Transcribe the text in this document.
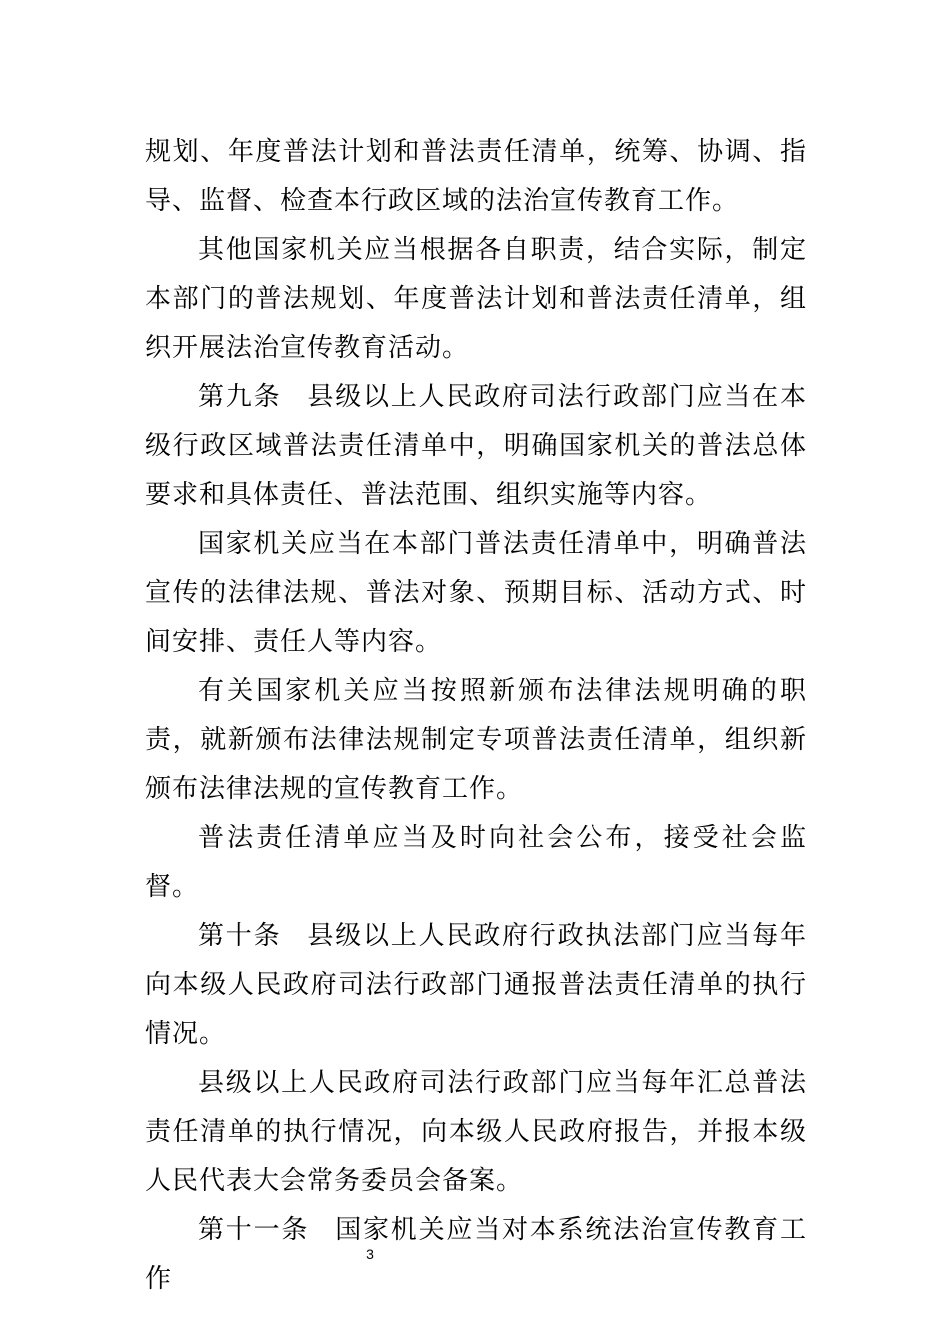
规划、年度普法计划和普法责任清单，统筹、协调、指导、监督、检查本行政区域的法治宣传教育工作。

其他国家机关应当根据各自职责，结合实际，制定本部门的普法规划、年度普法计划和普法责任清单，组织开展法治宣传教育活动。

第九条 县级以上人民政府司法行政部门应当在本级行政区域普法责任清单中，明确国家机关的普法总体要求和具体责任、普法范围、组织实施等内容。

国家机关应当在本部门普法责任清单中，明确普法宣传的法律法规、普法对象、预期目标、活动方式、时间安排、责任人等内容。

有关国家机关应当按照新颁布法律法规明确的职责，就新颁布法律法规制定专项普法责任清单，组织新颁布法律法规的宣传教育工作。

普法责任清单应当及时向社会公布，接受社会监督。

第十条 县级以上人民政府行政执法部门应当每年向本级人民政府司法行政部门通报普法责任清单的执行情况。

县级以上人民政府司法行政部门应当每年汇总普法责任清单的执行情况，向本级人民政府报告，并报本级人民代表大会常务委员会备案。

第十一条 国家机关应当对本系统法治宣传教育工作

3
